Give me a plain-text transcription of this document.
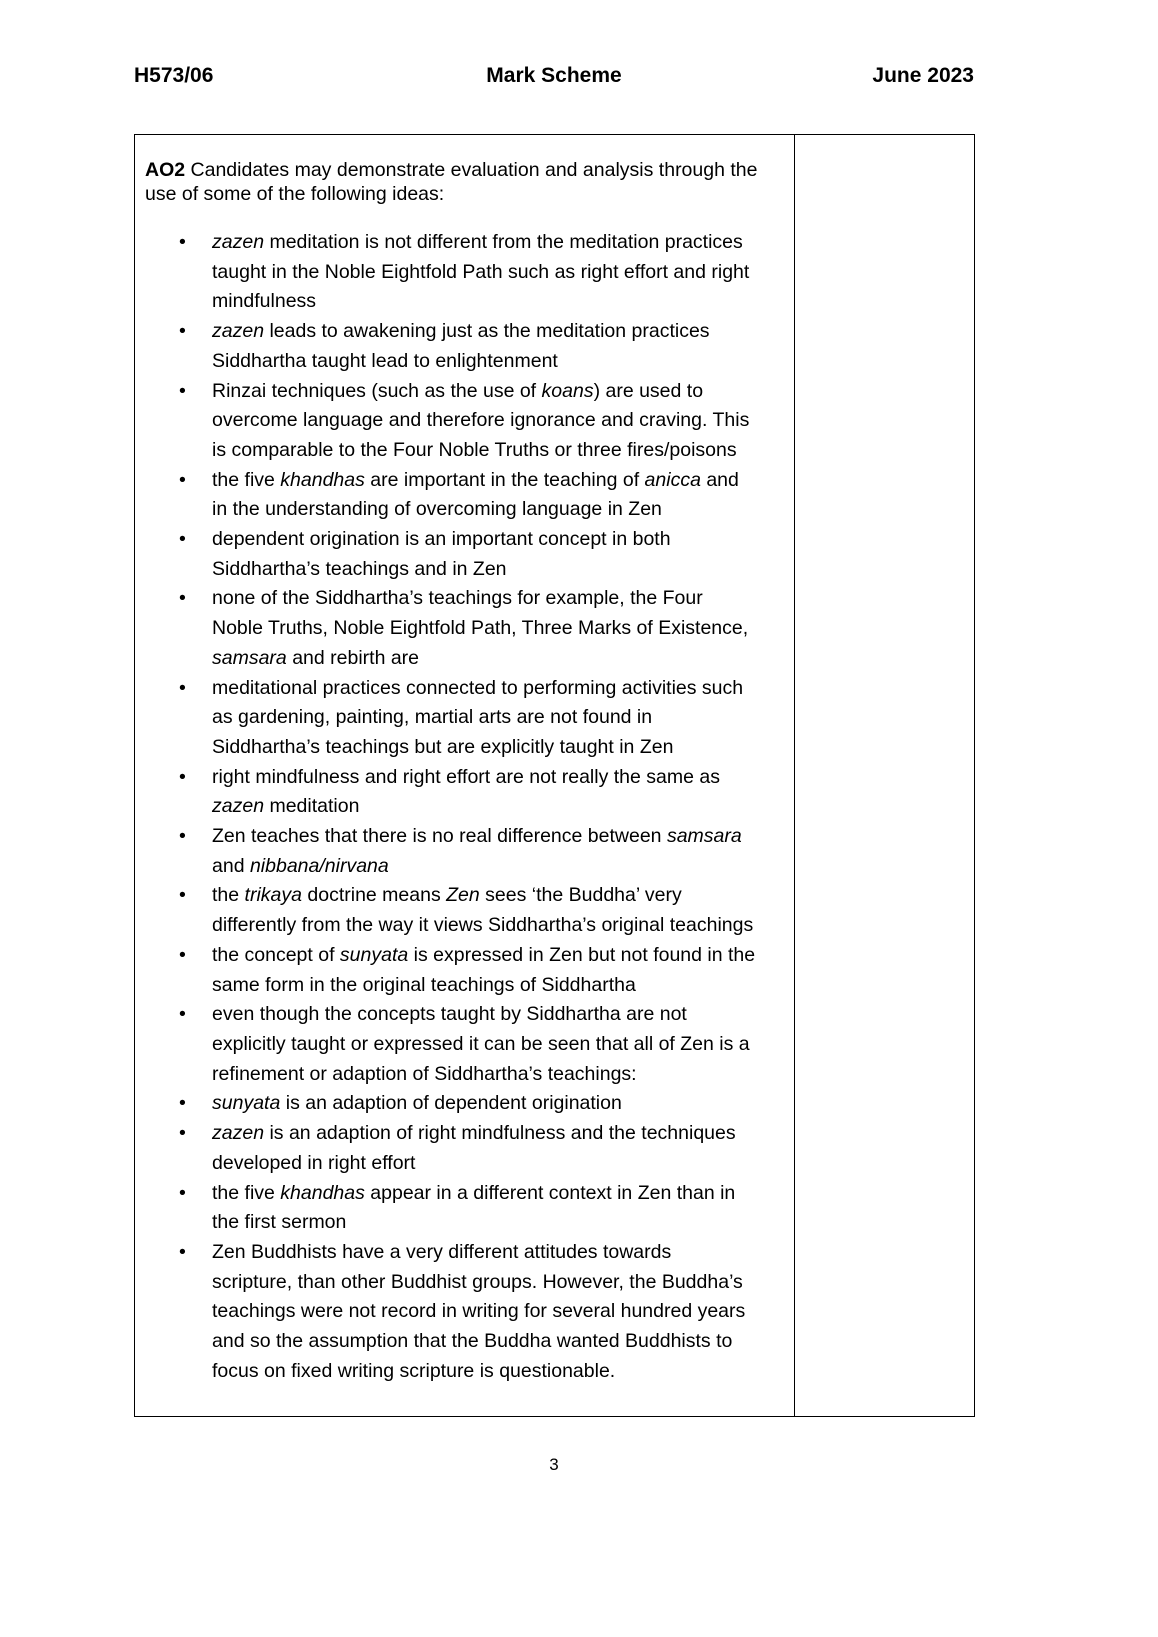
H573/06	Mark Scheme	June 2023
AO2 Candidates may demonstrate evaluation and analysis through the use of some of the following ideas:
• zazen meditation is not different from the meditation practices
taught in the Noble Eightfold Path such as right effort and right
mindfulness
• zazen leads to awakening just as the meditation practices
Siddhartha taught lead to enlightenment
• Rinzai techniques (such as the use of koans) are used to
overcome language and therefore ignorance and craving. This
is comparable to the Four Noble Truths or three fires/poisons
• the five khandhas are important in the teaching of anicca and
in the understanding of overcoming language in Zen
• dependent origination is an important concept in both
Siddhartha’s teachings and in Zen
• none of the Siddhartha’s teachings for example, the Four
Noble Truths, Noble Eightfold Path, Three Marks of Existence,
samsara and rebirth are
• meditational practices connected to performing activities such
as gardening, painting, martial arts are not found in
Siddhartha’s teachings but are explicitly taught in Zen
• right mindfulness and right effort are not really the same as
zazen meditation
• Zen teaches that there is no real difference between samsara
and nibbana/nirvana
• the trikaya doctrine means Zen sees ‘the Buddha’ very
differently from the way it views Siddhartha’s original teachings
• the concept of sunyata is expressed in Zen but not found in the
same form in the original teachings of Siddhartha
• even though the concepts taught by Siddhartha are not
explicitly taught or expressed it can be seen that all of Zen is a
refinement or adaption of Siddhartha’s teachings:
• sunyata is an adaption of dependent origination
• zazen is an adaption of right mindfulness and the techniques
developed in right effort
• the five khandhas appear in a different context in Zen than in
the first sermon
• Zen Buddhists have a very different attitudes towards
scripture, than other Buddhist groups. However, the Buddha’s
teachings were not record in writing for several hundred years
and so the assumption that the Buddha wanted Buddhists to
focus on fixed writing scripture is questionable.
3
